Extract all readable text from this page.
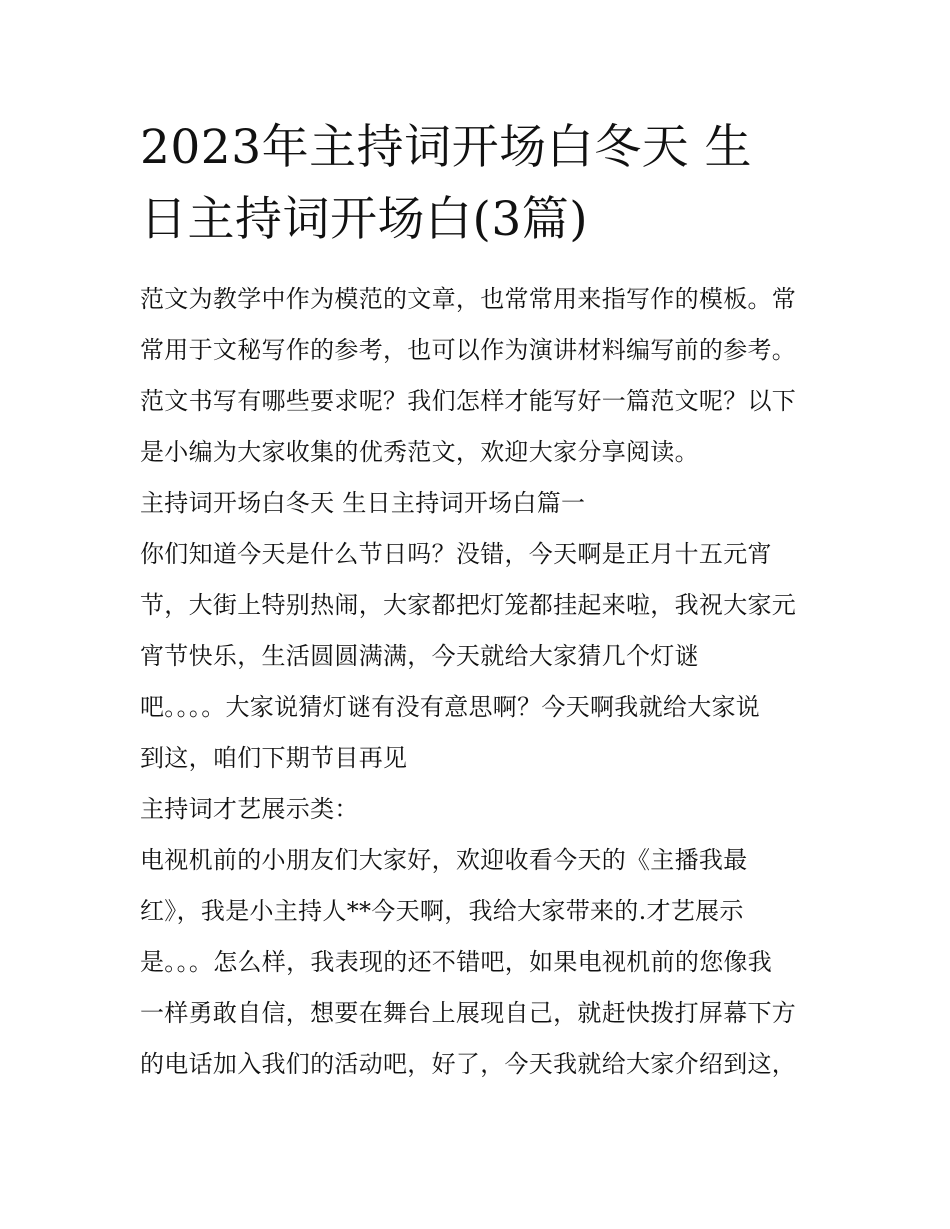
2023年主持词开场白冬天 生
日主持词开场白(3篇)

范文为教学中作为模范的文章，也常常用来指写作的模板。常
常用于文秘写作的参考，也可以作为演讲材料编写前的参考。
范文书写有哪些要求呢？我们怎样才能写好一篇范文呢？以下
是小编为大家收集的优秀范文，欢迎大家分享阅读。

主持词开场白冬天 生日主持词开场白篇一

你们知道今天是什么节日吗？没错，今天啊是正月十五元宵
节，大街上特别热闹，大家都把灯笼都挂起来啦，我祝大家元
宵节快乐，生活圆圆满满，今天就给大家猜几个灯谜
吧。。。。大家说猜灯谜有没有意思啊？今天啊我就给大家说
到这，咱们下期节目再见

主持词才艺展示类：

电视机前的小朋友们大家好，欢迎收看今天的《主播我最
红》，我是小主持人**今天啊，我给大家带来的.才艺展示
是。。。怎么样，我表现的还不错吧，如果电视机前的您像我
一样勇敢自信，想要在舞台上展现自己，就赶快拨打屏幕下方
的电话加入我们的活动吧，好了，今天我就给大家介绍到这，
